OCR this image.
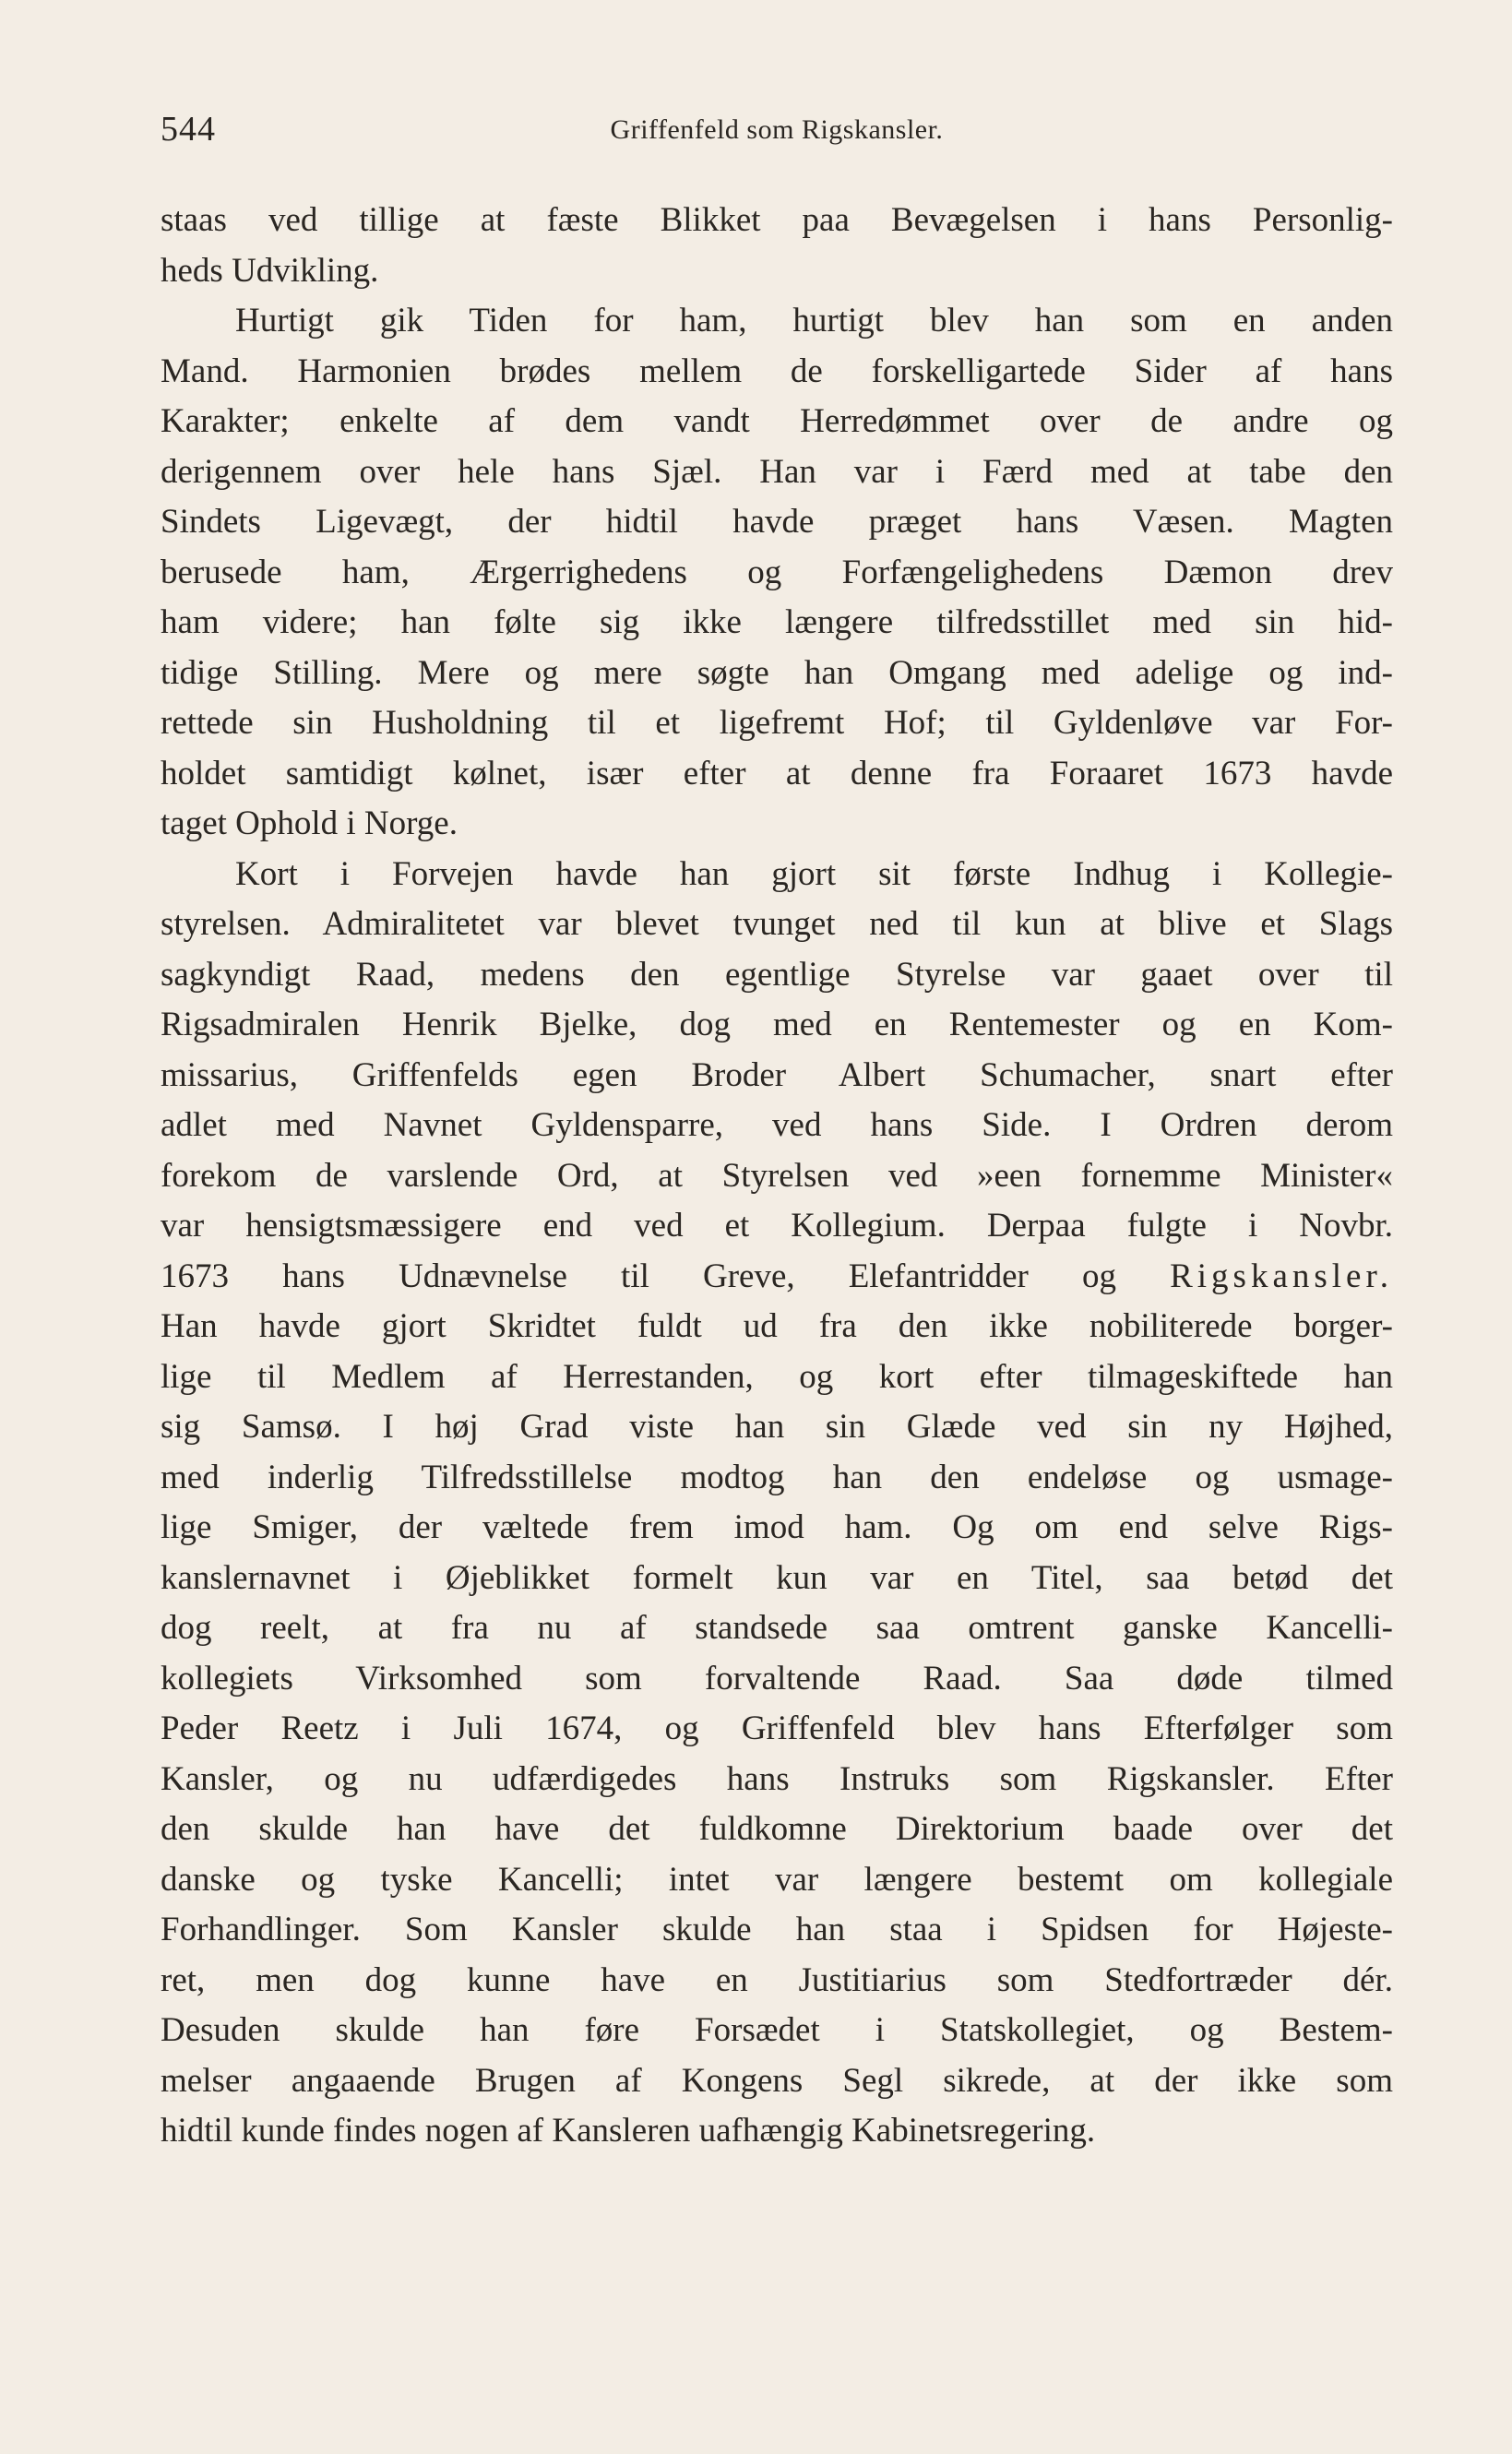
544	Griffenfeld som Rigskansler.
staas ved tillige at fæste Blikket paa Bevægelsen i hans Personlig-
heds Udvikling.
Hurtigt gik Tiden for ham, hurtigt blev han som en anden
Mand. Harmonien brødes mellem de forskelligartede Sider af hans
Karakter; enkelte af dem vandt Herredømmet over de andre og
derigennem over hele hans Sjæl. Han var i Færd med at tabe den
Sindets Ligevægt, der hidtil havde præget hans Væsen. Magten
berusede ham, Ærgerrighedens og Forfængelighedens Dæmon drev
ham videre; han følte sig ikke længere tilfredsstillet med sin hid-
tidige Stilling. Mere og mere søgte han Omgang med adelige og ind-
rettede sin Husholdning til et ligefremt Hof; til Gyldenløve var For-
holdet samtidigt kølnet, især efter at denne fra Foraaret 1673 havde
taget Ophold i Norge.
Kort i Forvejen havde han gjort sit første Indhug i Kollegie-
styrelsen. Admiralitetet var blevet tvunget ned til kun at blive et Slags
sagkyndigt Raad, medens den egentlige Styrelse var gaaet over til
Rigsadmiralen Henrik Bjelke, dog med en Rentemester og en Kom-
missarius, Griffenfelds egen Broder Albert Schumacher, snart efter
adlet med Navnet Gyldensparre, ved hans Side. I Ordren derom
forekom de varslende Ord, at Styrelsen ved »een fornemme Minister«
var hensigtsmæssigere end ved et Kollegium. Derpaa fulgte i Novbr.
1673 hans Udnævnelse til Greve, Elefantridder og Rigskansler.
Han havde gjort Skridtet fuldt ud fra den ikke nobiliterede borger-
lige til Medlem af Herrestanden, og kort efter tilmageskiftede han
sig Samsø. I høj Grad viste han sin Glæde ved sin ny Højhed,
med inderlig Tilfredsstillelse modtog han den endeløse og usmage-
lige Smiger, der væltede frem imod ham. Og om end selve Rigs-
kanslernavnet i Øjeblikket formelt kun var en Titel, saa betød det
dog reelt, at fra nu af standsede saa omtrent ganske Kancelli-
kollegiets Virksomhed som forvaltende Raad. Saa døde tilmed
Peder Reetz i Juli 1674, og Griffenfeld blev hans Efterfølger som
Kansler, og nu udfærdigedes hans Instruks som Rigskansler. Efter
den skulde han have det fuldkomne Direktorium baade over det
danske og tyske Kancelli; intet var længere bestemt om kollegiale
Forhandlinger. Som Kansler skulde han staa i Spidsen for Højeste-
ret, men dog kunne have en Justitiarius som Stedfortræder dér.
Desuden skulde han føre Forsædet i Statskollegiet, og Bestem-
melser angaaende Brugen af Kongens Segl sikrede, at der ikke som
hidtil kunde findes nogen af Kansleren uafhængig Kabinetsregering.
